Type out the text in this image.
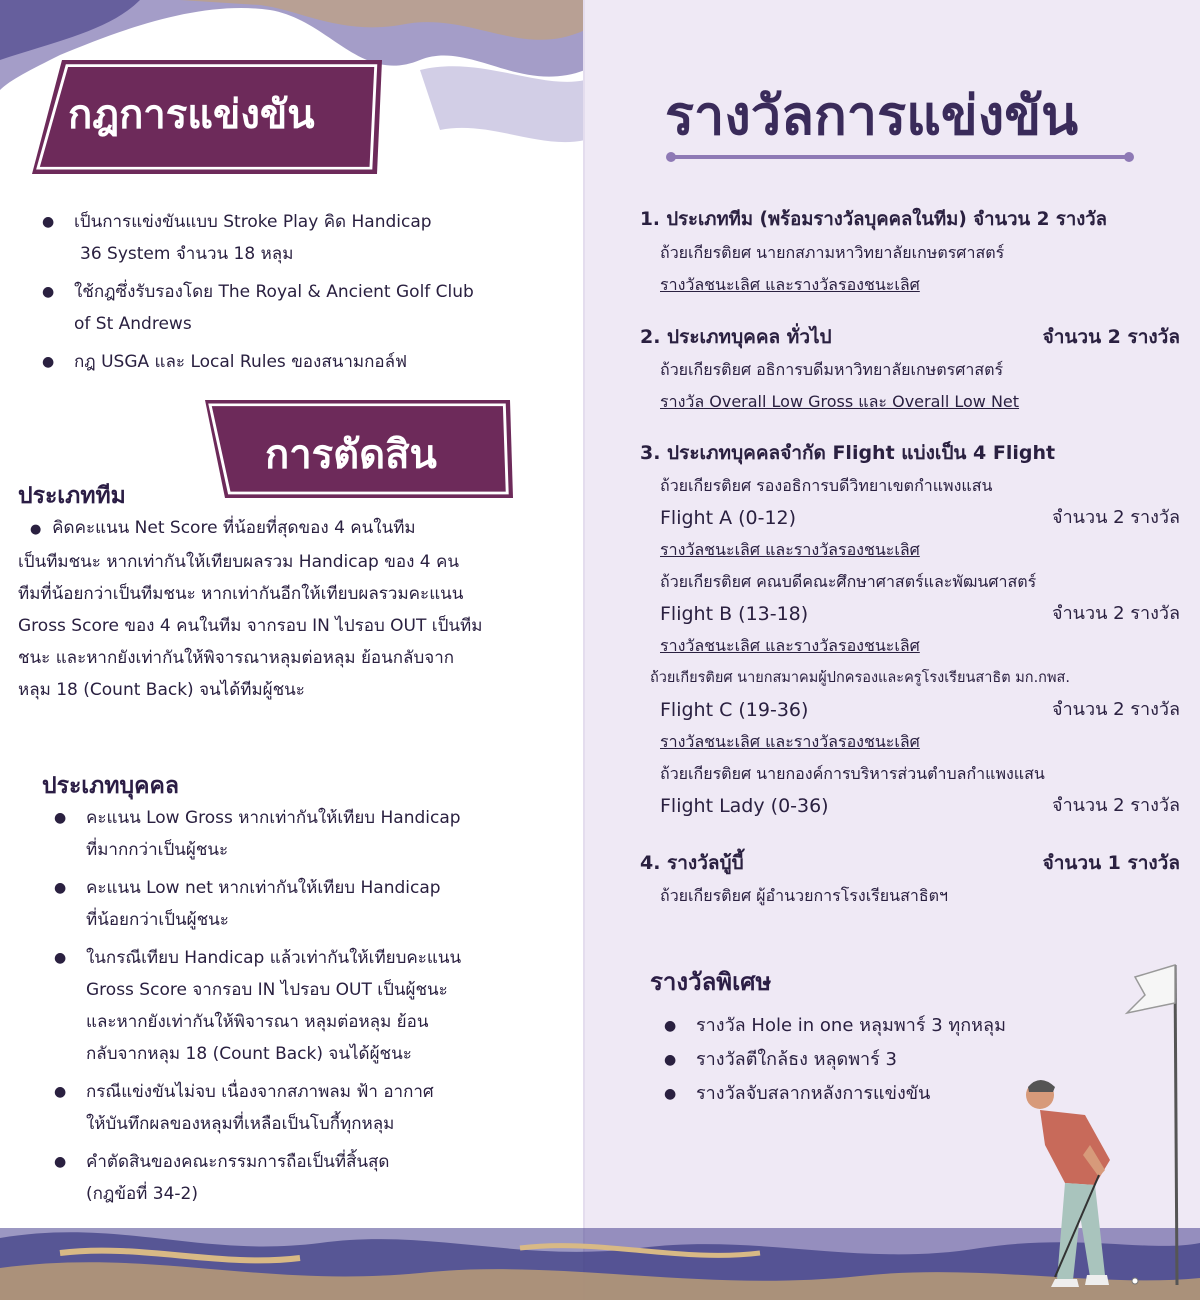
กฎการแข่งขัน
● เป็นการแข่งขันแบบ Stroke Play คิด Handicap
36 System จำนวน 18 หลุม
● ใช้กฎซึ่งรับรองโดย The Royal & Ancient Golf Club
of St Andrews
● กฎ USGA และ Local Rules ของสนามกอล์ฟ
การตัดสิน
ประเภททีม
● คิดคะแนน Net Score ที่น้อยที่สุดของ 4 คนในทีม
เป็นทีมชนะ หากเท่ากันให้เทียบผลรวม Handicap ของ 4 คน
ทีมที่น้อยกว่าเป็นทีมชนะ หากเท่ากันอีกให้เทียบผลรวมคะแนน
Gross Score ของ 4 คนในทีม จากรอบ IN ไปรอบ OUT เป็นทีม
ชนะ และหากยังเท่ากันให้พิจารณาหลุมต่อหลุม ย้อนกลับจาก
หลุม 18 (Count Back) จนได้ทีมผู้ชนะ
ประเภทบุคคล
● คะแนน Low Gross หากเท่ากันให้เทียบ Handicap
ที่มากกว่าเป็นผู้ชนะ
● คะแนน Low net หากเท่ากันให้เทียบ Handicap
ที่น้อยกว่าเป็นผู้ชนะ
● ในกรณีเทียบ Handicap แล้วเท่ากันให้เทียบคะแนน
Gross Score จากรอบ IN ไปรอบ OUT เป็นผู้ชนะ
และหากยังเท่ากันให้พิจารณา หลุมต่อหลุม ย้อน
กลับจากหลุม 18 (Count Back) จนได้ผู้ชนะ
● กรณีแข่งขันไม่จบ เนื่องจากสภาพลม ฟ้า อากาศ
ให้บันทึกผลของหลุมที่เหลือเป็นโบกี้ทุกหลุม
● คำตัดสินของคณะกรรมการถือเป็นที่สิ้นสุด
(กฎข้อที่ 34-2)
รางวัลการแข่งขัน
1. ประเภททีม (พร้อมรางวัลบุคคลในทีม) จำนวน 2 รางวัล
ถ้วยเกียรติยศ นายกสภามหาวิทยาลัยเกษตรศาสตร์
รางวัลชนะเลิศ และรางวัลรองชนะเลิศ
2. ประเภทบุคคล ทั่วไป	จำนวน 2 รางวัล
ถ้วยเกียรติยศ อธิการบดีมหาวิทยาลัยเกษตรศาสตร์
รางวัล Overall Low Gross และ Overall Low Net
3. ประเภทบุคคลจำกัด Flight แบ่งเป็น 4 Flight
ถ้วยเกียรติยศ รองอธิการบดีวิทยาเขตกำแพงแสน
Flight A (0-12)	จำนวน 2 รางวัล
รางวัลชนะเลิศ และรางวัลรองชนะเลิศ
ถ้วยเกียรติยศ คณบดีคณะศึกษาศาสตร์และพัฒนศาสตร์
Flight B (13-18)	จำนวน 2 รางวัล
รางวัลชนะเลิศ และรางวัลรองชนะเลิศ
ถ้วยเกียรติยศ นายกสมาคมผู้ปกครองและครูโรงเรียนสาธิต มก.กพส.
Flight C (19-36)	จำนวน 2 รางวัล
รางวัลชนะเลิศ และรางวัลรองชนะเลิศ
ถ้วยเกียรติยศ นายกองค์การบริหารส่วนตำบลกำแพงแสน
Flight Lady (0-36)	จำนวน 2 รางวัล
4. รางวัลบู้บี้	จำนวน 1 รางวัล
ถ้วยเกียรติยศ ผู้อำนวยการโรงเรียนสาธิตฯ
รางวัลพิเศษ
● รางวัล Hole in one หลุมพาร์ 3 ทุกหลุม
● รางวัลตีใกล้ธง หลุดพาร์ 3
● รางวัลจับสลากหลังการแข่งขัน
